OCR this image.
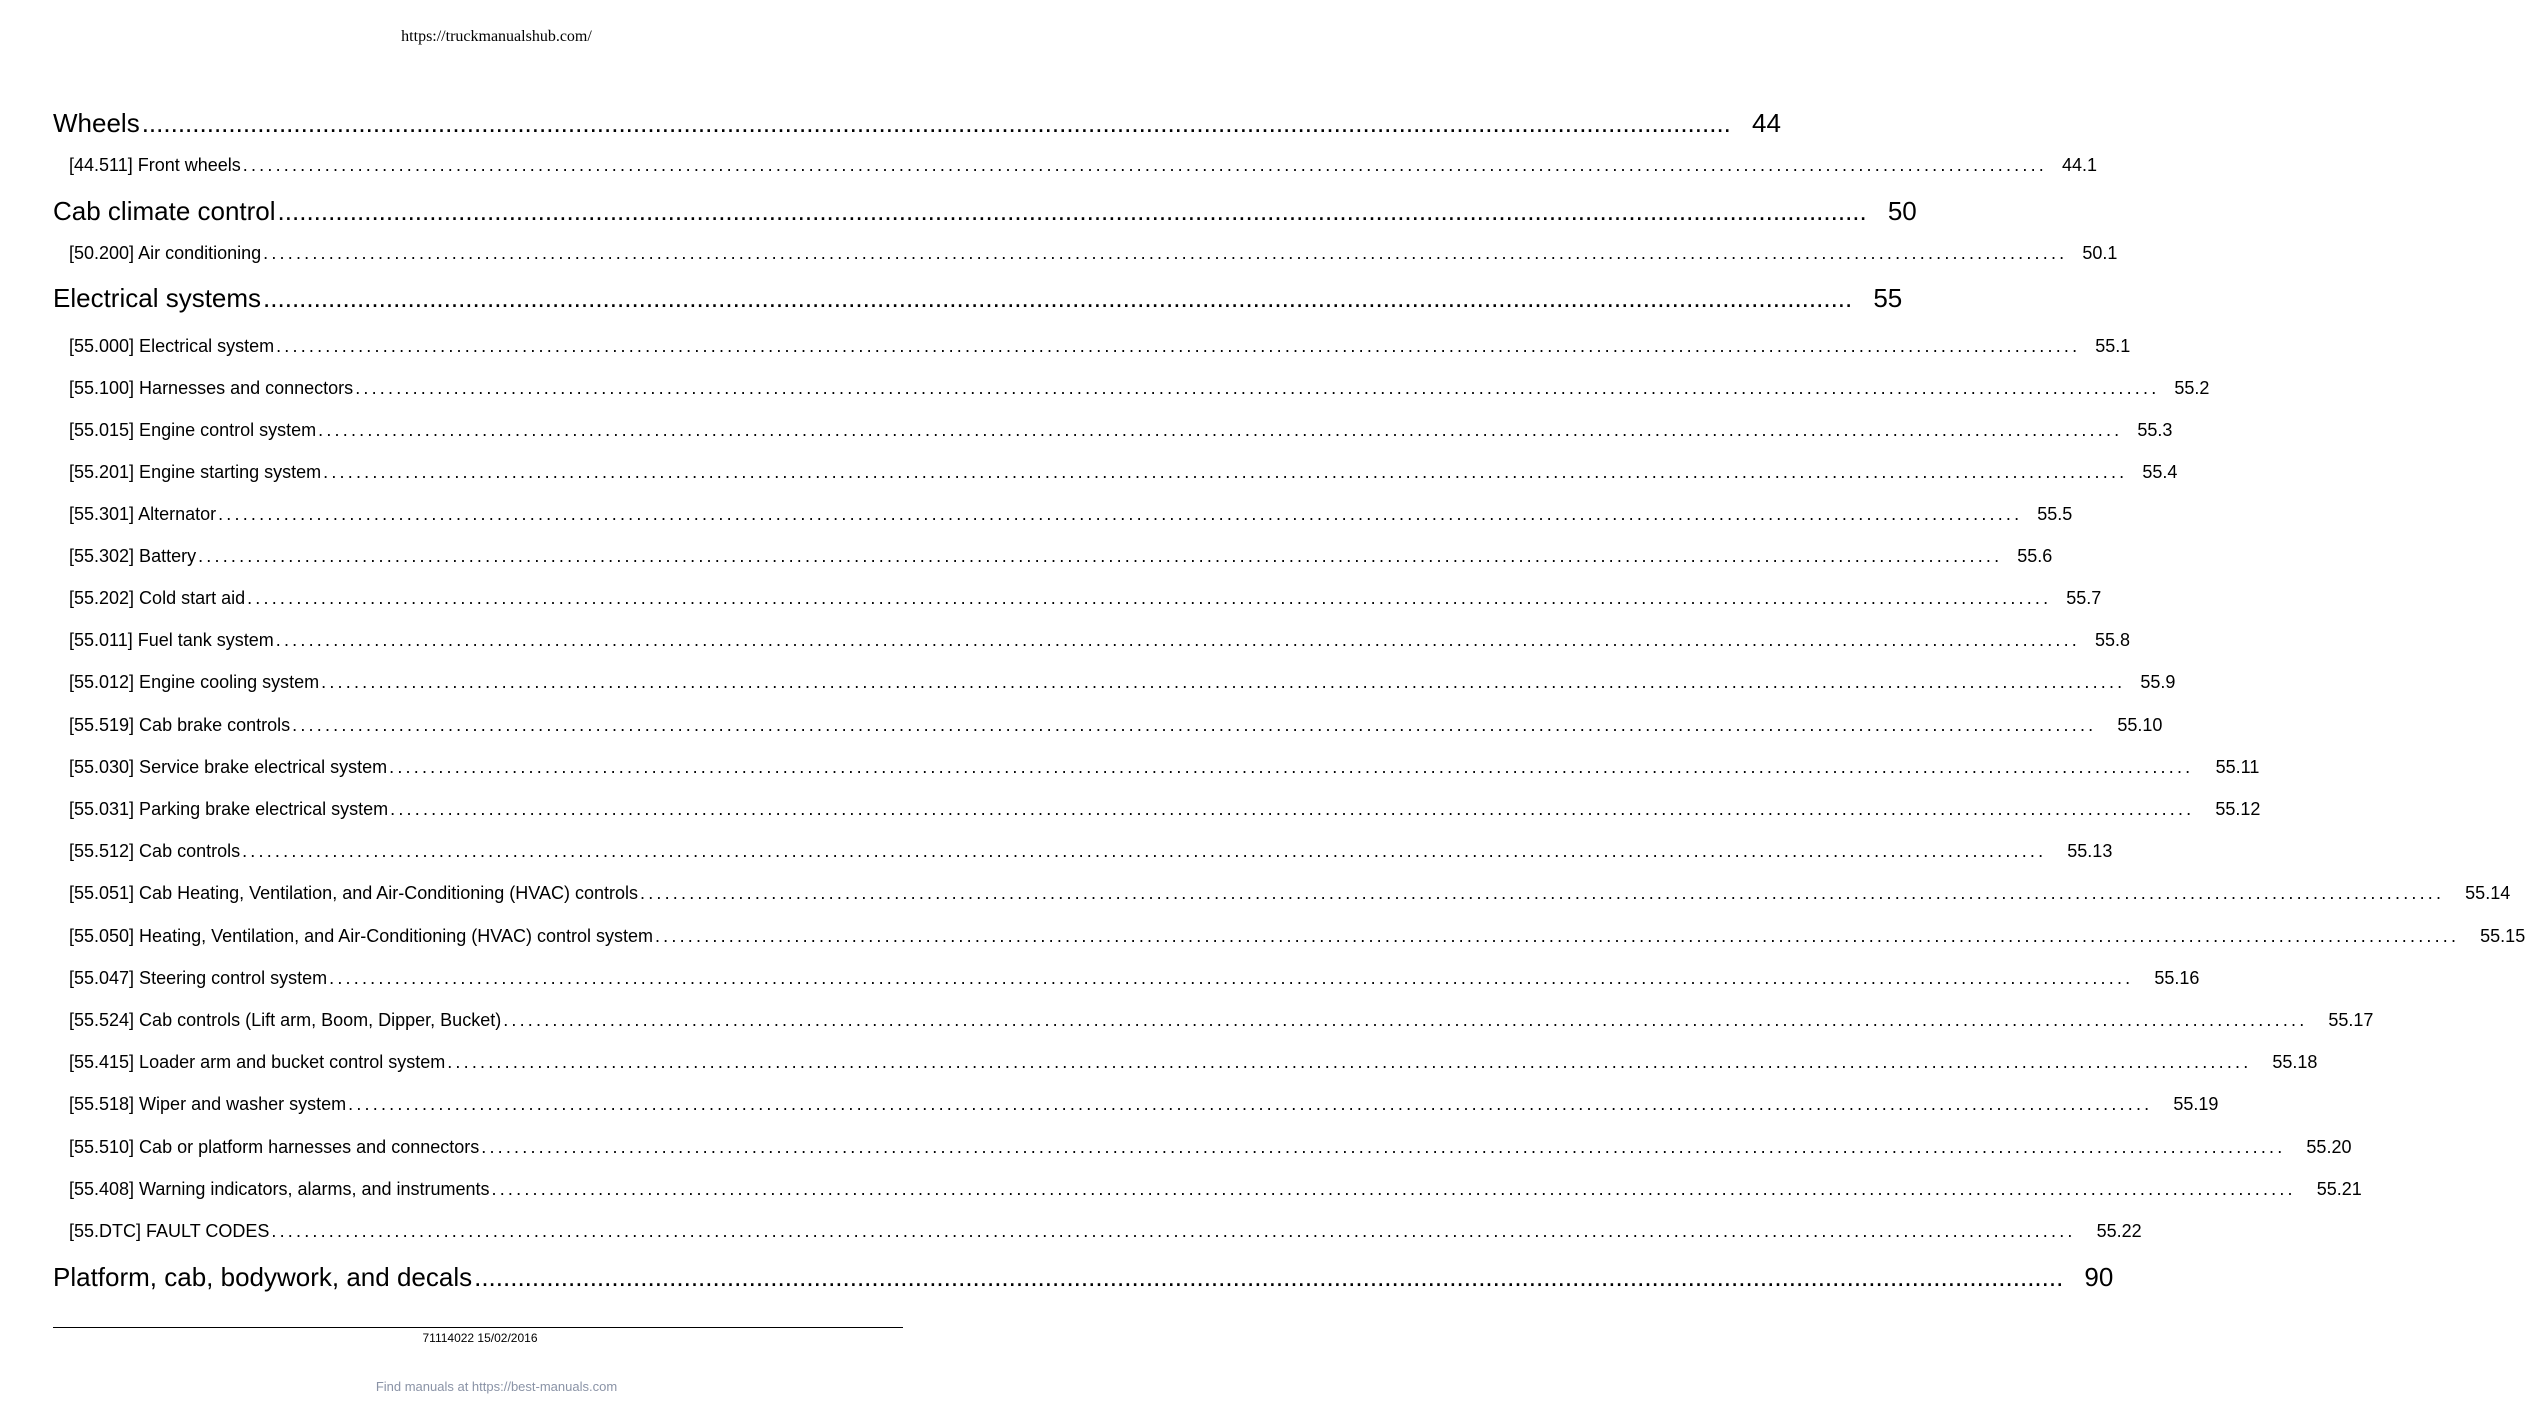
https://truckmanualshub.com/
Wheels ............................................................................................................................................................................................................................ 44
[44.511] Front wheels ............................................................................................................................................................................................................................ 44.1
Cab climate control ............................................................................................................................................................................................................................ 50
[50.200] Air conditioning ............................................................................................................................................................................................................................ 50.1
Electrical systems ............................................................................................................................................................................................................................ 55
[55.000] Electrical system ............................................................................................................................................................................................................................ 55.1
[55.100] Harnesses and connectors ............................................................................................................................................................................................................................ 55.2
[55.015] Engine control system ............................................................................................................................................................................................................................ 55.3
[55.201] Engine starting system ............................................................................................................................................................................................................................ 55.4
[55.301] Alternator ............................................................................................................................................................................................................................ 55.5
[55.302] Battery ............................................................................................................................................................................................................................ 55.6
[55.202] Cold start aid ............................................................................................................................................................................................................................ 55.7
[55.011] Fuel tank system ............................................................................................................................................................................................................................ 55.8
[55.012] Engine cooling system ............................................................................................................................................................................................................................ 55.9
[55.519] Cab brake controls ............................................................................................................................................................................................................................	55.10
[55.030] Service brake electrical system ............................................................................................................................................................................................................................	55.11
[55.031] Parking brake electrical system ............................................................................................................................................................................................................................	55.12
[55.512] Cab controls ............................................................................................................................................................................................................................	55.13
[55.051] Cab Heating, Ventilation, and Air-Conditioning (HVAC) controls ............................................................................................................................................................................................................................	55.14
[55.050] Heating, Ventilation, and Air-Conditioning (HVAC) control system ............................................................................................................................................................................................................................	55.15
[55.047] Steering control system ............................................................................................................................................................................................................................	55.16
[55.524] Cab controls (Lift arm, Boom, Dipper, Bucket) ............................................................................................................................................................................................................................	55.17
[55.415] Loader arm and bucket control system ............................................................................................................................................................................................................................	55.18
[55.518] Wiper and washer system ............................................................................................................................................................................................................................	55.19
[55.510] Cab or platform harnesses and connectors ............................................................................................................................................................................................................................	55.20
[55.408] Warning indicators, alarms, and instruments ............................................................................................................................................................................................................................	55.21
[55.DTC] FAULT CODES ............................................................................................................................................................................................................................	55.22
Platform, cab, bodywork, and decals ............................................................................................................................................................................................................................ 90
71114022 15/02/2016
Find manuals at https://best-manuals.com
